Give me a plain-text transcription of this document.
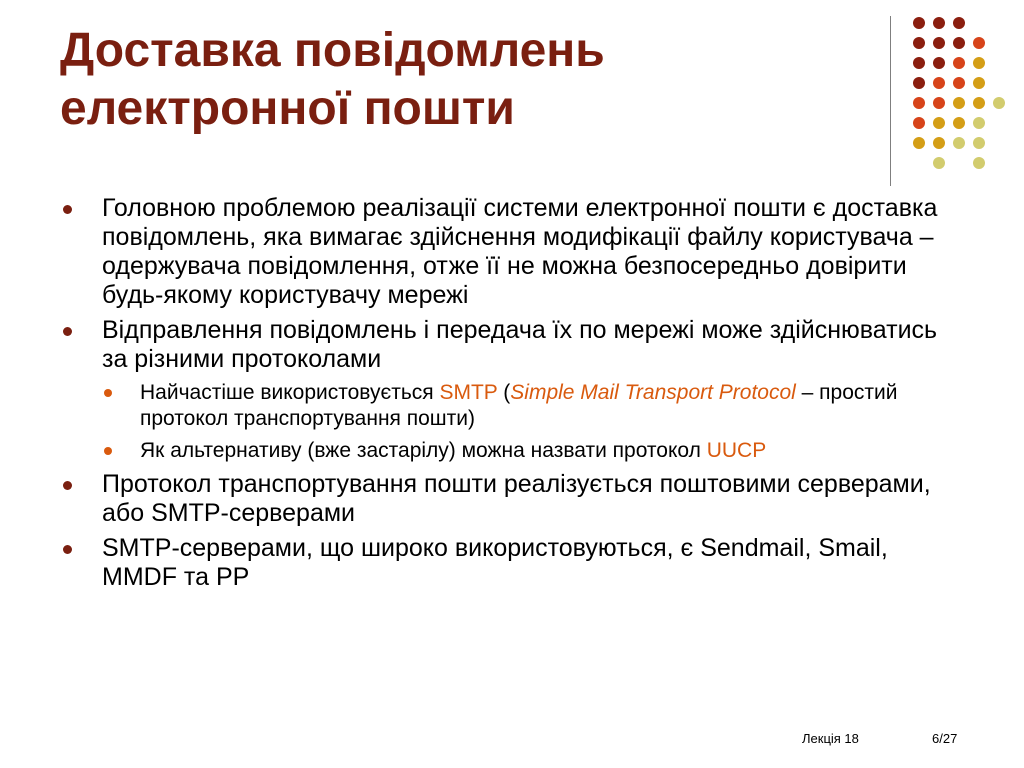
Доставка повідомлень електронної пошти
Головною проблемою реалізації системи електронної пошти є доставка повідомлень, яка вимагає здійснення модифікації файлу користувача – одержувача повідомлення, отже її не можна безпосередньо довірити будь-якому користувачу мережі
Відправлення повідомлень і передача їх по мережі може здійснюватись за різними протоколами
Найчастіше використовується SMTP (Simple Mail Transport Protocol – простий протокол транспортування пошти)
Як альтернативу (вже застарілу) можна назвати протокол UUCP
Протокол транспортування пошти реалізується поштовими серверами, або SMTP-серверами
SMTP-серверами, що широко використовуються, є Sendmail, Smail, MMDF та PP
Лекція 18	6/27
